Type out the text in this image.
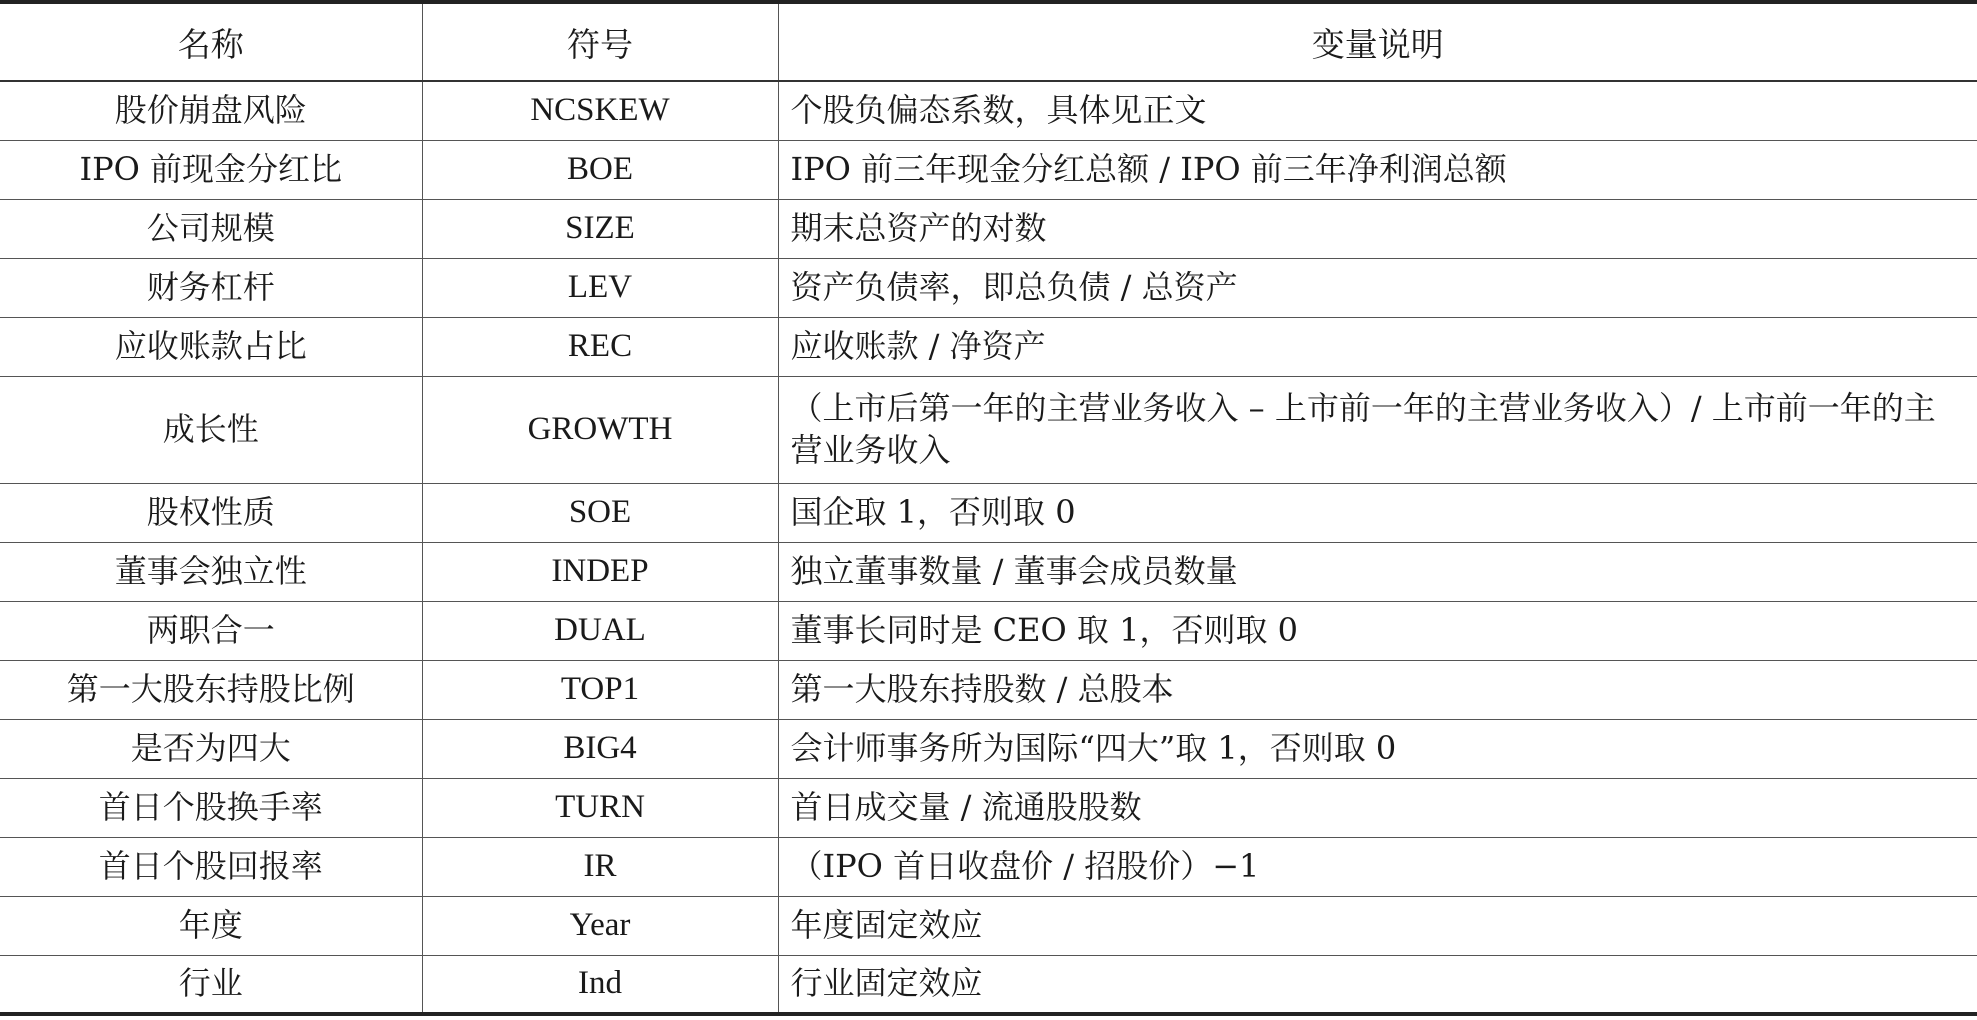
名称	符号	变量说明
股价崩盘风险	NCSKEW	个股负偏态系数，具体见正文
IPO 前现金分红比	BOE	IPO 前三年现金分红总额 / IPO 前三年净利润总额
公司规模	SIZE	期末总资产的对数
财务杠杆	LEV	资产负债率，即总负债 / 总资产
应收账款占比	REC	应收账款 / 净资产
成长性	GROWTH	（上市后第一年的主营业务收入 – 上市前一年的主营业务收入）/ 上市前一年的主营业务收入
股权性质	SOE	国企取 1，否则取 0
董事会独立性	INDEP	独立董事数量 / 董事会成员数量
两职合一	DUAL	董事长同时是 CEO 取 1，否则取 0
第一大股东持股比例	TOP1	第一大股东持股数 / 总股本
是否为四大	BIG4	会计师事务所为国际“四大”取 1，否则取 0
首日个股换手率	TURN	首日成交量 / 流通股股数
首日个股回报率	IR	（IPO 首日收盘价 / 招股价）−1
年度	Year	年度固定效应
行业	Ind	行业固定效应
